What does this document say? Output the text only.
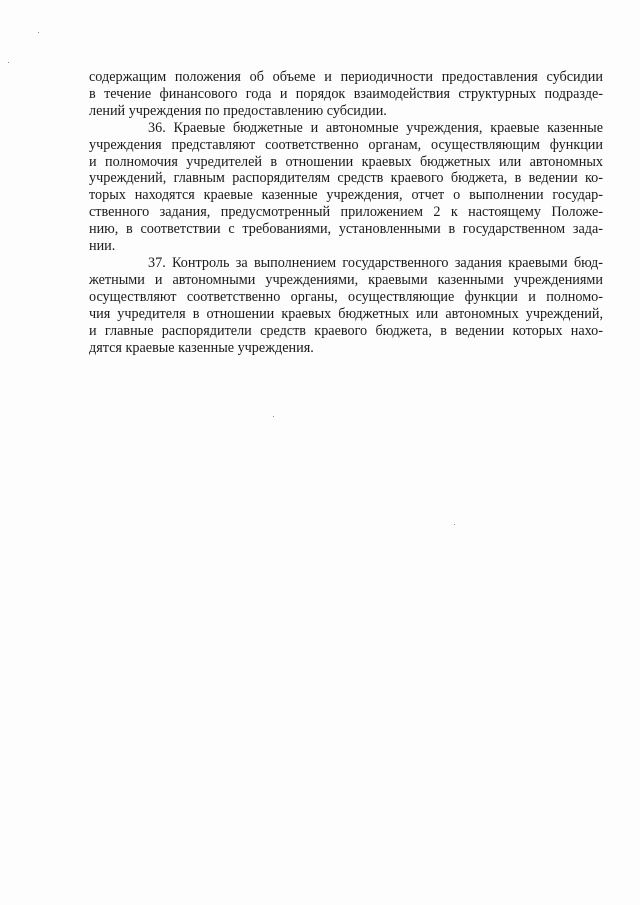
содержащим положения об объеме и периодичности предоставления субсидии
в течение финансового года и порядок взаимодействия структурных подразде-
лений учреждения по предоставлению субсидии.

36. Краевые бюджетные и автономные учреждения, краевые казенные
учреждения представляют соответственно органам, осуществляющим функции
и полномочия учредителей в отношении краевых бюджетных или автономных
учреждений, главным распорядителям средств краевого бюджета, в ведении ко-
торых находятся краевые казенные учреждения, отчет о выполнении государ-
ственного задания, предусмотренный приложением 2 к настоящему Положе-
нию, в соответствии с требованиями, установленными в государственном зада-
нии.

37. Контроль за выполнением государственного задания краевыми бюд-
жетными и автономными учреждениями, краевыми казенными учреждениями
осуществляют соответственно органы, осуществляющие функции и полномо-
чия учредителя в отношении краевых бюджетных или автономных учреждений,
и главные распорядители средств краевого бюджета, в ведении которых нахо-
дятся краевые казенные учреждения.
